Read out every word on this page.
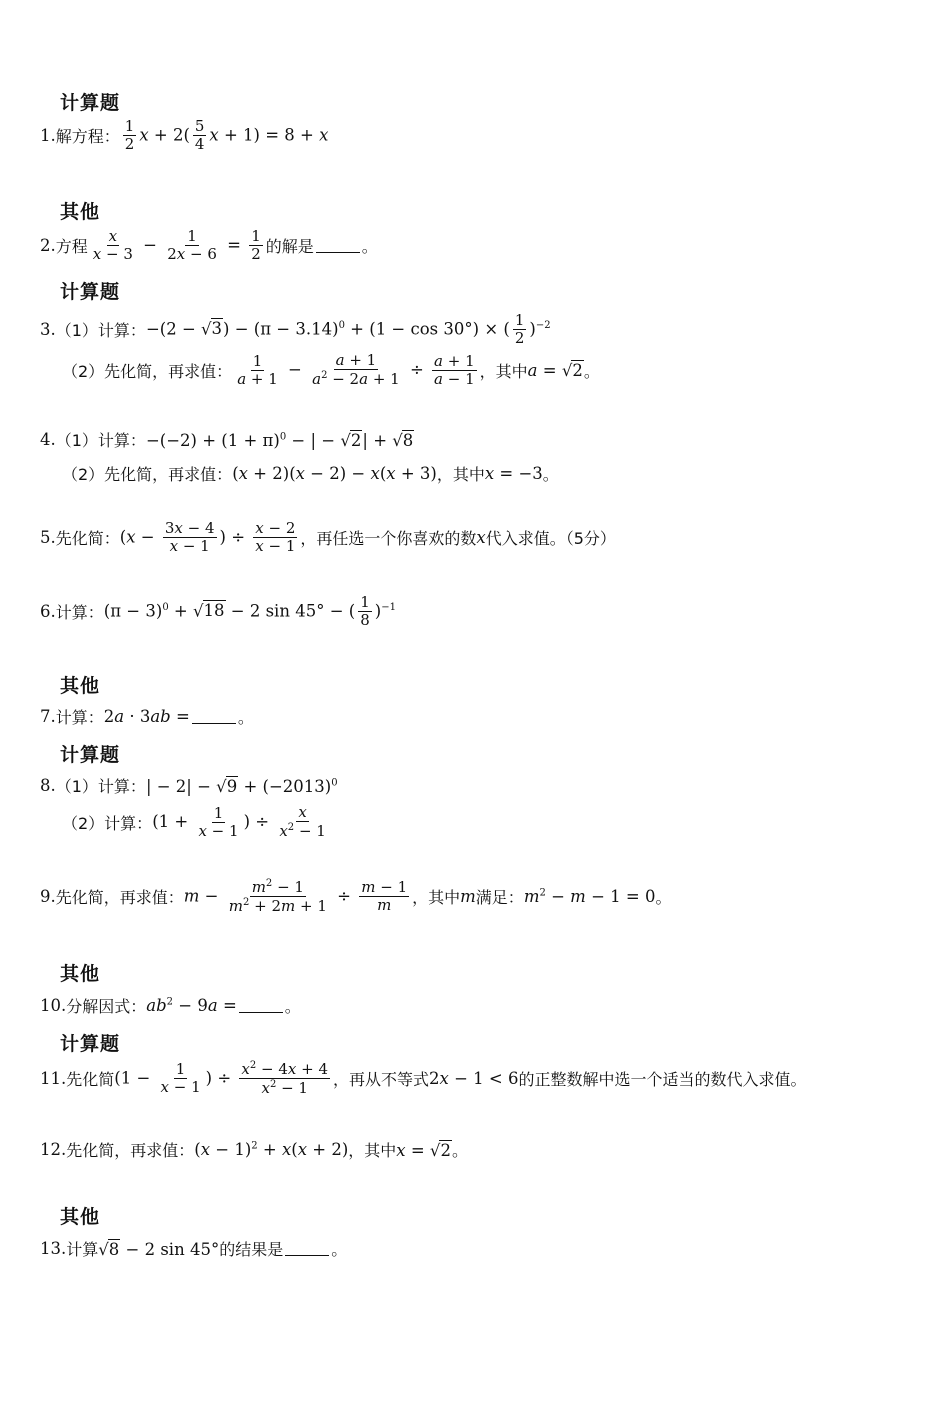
计算题
1. 解方程： $\frac{1}{2}$ $x + 2( \frac{5}{4}$ x + 1) = 8 + x
其他
2. 方程 $\frac{x}{x - 3} - \frac{1}{2x - 6} = \frac{1}{2}$ 的解是	。
计算题
3. （1）计算： $-(2 - √3) - (\pi - 3.14)^0 + (1 - \cos 30^\circ)$ × ( $\frac{1}{2} )^{-2}$
（2）先化简，再求值： $\frac{1}{a + 1} - \frac{a + 1}{a^2 - 2a + 1} \div \frac{a + 1}{a - 1}$ ，其中 a = √2 。
4. （1）计算： $-(-2) + (1 + \pi)^0$ − | − √2| + √8
（2）先化简，再求值： (x + 2)(x − 2) − x(x + 3) ，其中 x = −3 。
5. 先化简： ($x - \frac{3x - 4}{x - 1}$ ) ÷ $\frac{x - 2}{x - 1}$ ，再任选一个你喜欢的数 x 代入求值。（5分）
6. 计算： $(\pi - 3)^0 + √18 - 2$ sin 45° − ( $\frac{1}{8} )^{-1}$
其他
7. 计算： 2a · 3ab =	。
计算题
8. （1）计算： | − $2| - √9 + (-2013)^0$
（2）计算： ($1 + \frac{1}{x - 1}$ ) ÷ $\frac{x}{x^2 - 1}$
9. 先化简，再求值： $m - \frac{m^2 - 1}{m^2 + 2m + 1} \div \frac{m - 1}{m}$ ，其中 m 满足： $m^2 - m - 1 = 0$ 。
其他
10. 分解因式： $ab^2 - 9a$ =	。
计算题
11. 先化简 ($1 - \frac{1}{x - 1}$ ) ÷ $\frac{x^2 - 4x + 4}{x^2 - 1}$ ，再从不等式 2x − 1 < 6 的正整数解中选一个适当的数代入求值。
12. 先化简，再求值： $(x - 1)^2 + x(x + 2)$ ，其中 x = √2 。
其他
13. 计算 √8 − 2 sin 45° 的结果是	。
